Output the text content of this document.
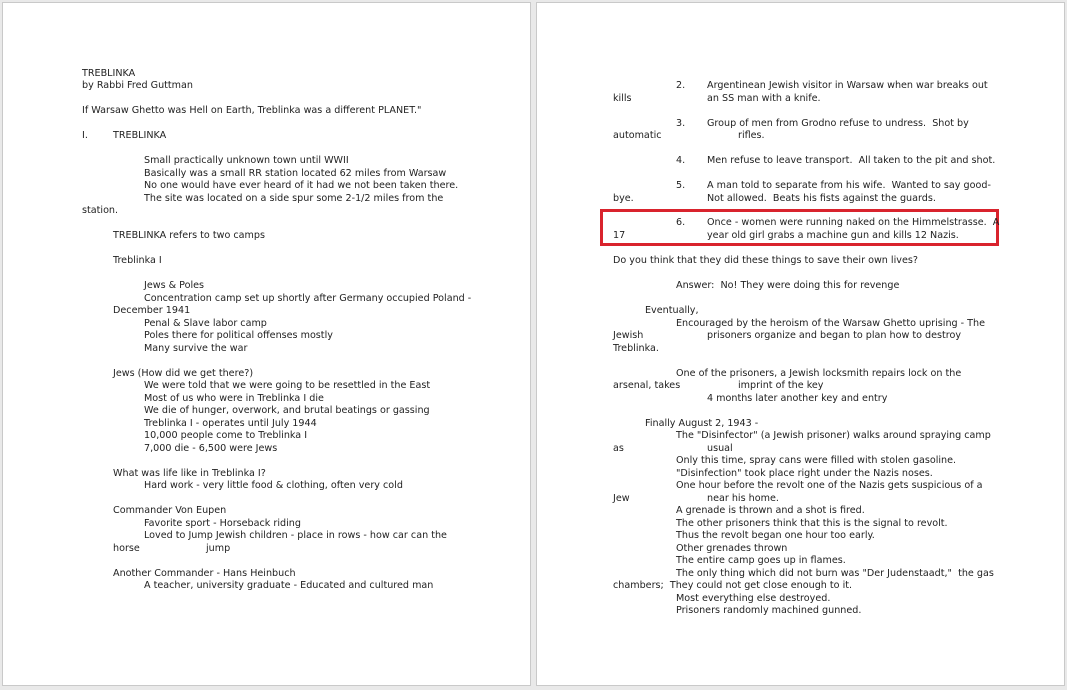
TREBLINKA
by Rabbi Fred Guttman
If Warsaw Ghetto was Hell on Earth, Treblinka was a different PLANET."
I.	TREBLINKA
Small practically unknown town until WWII
Basically was a small RR station located 62 miles from Warsaw
No one would have ever heard of it had we not been taken there.
The site was located on a side spur some 2-1/2 miles from the
station.
TREBLINKA refers to two camps
Treblinka I
Jews & Poles
Concentration camp set up shortly after Germany occupied Poland -
December 1941
Penal & Slave labor camp
Poles there for political offenses mostly
Many survive the war
Jews (How did we get there?)
We were told that we were going to be resettled in the East
Most of us who were in Treblinka I die
We die of hunger, overwork, and brutal beatings or gassing
Treblinka I - operates until July 1944
10,000 people come to Treblinka I
7,000 die - 6,500 were Jews
What was life like in Treblinka I?
Hard work - very little food & clothing, often very cold
Commander Von Eupen
Favorite sport - Horseback riding
Loved to Jump Jewish children - place in rows - how car can the
horse	jump
Another Commander - Hans Heinbuch
A teacher, university graduate - Educated and cultured man
2. Argentinean Jewish visitor in Warsaw when war breaks out
kills	an SS man with a knife.
3. Group of men from Grodno refuse to undress.  Shot by
automatic	rifles.
4. Men refuse to leave transport.  All taken to the pit and shot.
5. A man told to separate from his wife.  Wanted to say good-
bye.	Not allowed.  Beats his fists against the guards.
6. Once - women were running naked on the Himmelstrasse.  A
17	year old girl grabs a machine gun and kills 12 Nazis.
Do you think that they did these things to save their own lives?
Answer:  No! They were doing this for revenge
Eventually,
Encouraged by the heroism of the Warsaw Ghetto uprising - The
Jewish	prisoners organize and began to plan how to destroy
Treblinka.
One of the prisoners, a Jewish locksmith repairs lock on the
arsenal, takes	imprint of the key
4 months later another key and entry
Finally August 2, 1943 -
The "Disinfector" (a Jewish prisoner) walks around spraying camp
as	usual
Only this time, spray cans were filled with stolen gasoline.
"Disinfection" took place right under the Nazis noses.
One hour before the revolt one of the Nazis gets suspicious of a
Jew	near his home.
A grenade is thrown and a shot is fired.
The other prisoners think that this is the signal to revolt.
Thus the revolt began one hour too early.
Other grenades thrown
The entire camp goes up in flames.
The only thing which did not burn was "Der Judenstaadt,"  the gas
chambers;  They could not get close enough to it.
Most everything else destroyed.
Prisoners randomly machined gunned.
